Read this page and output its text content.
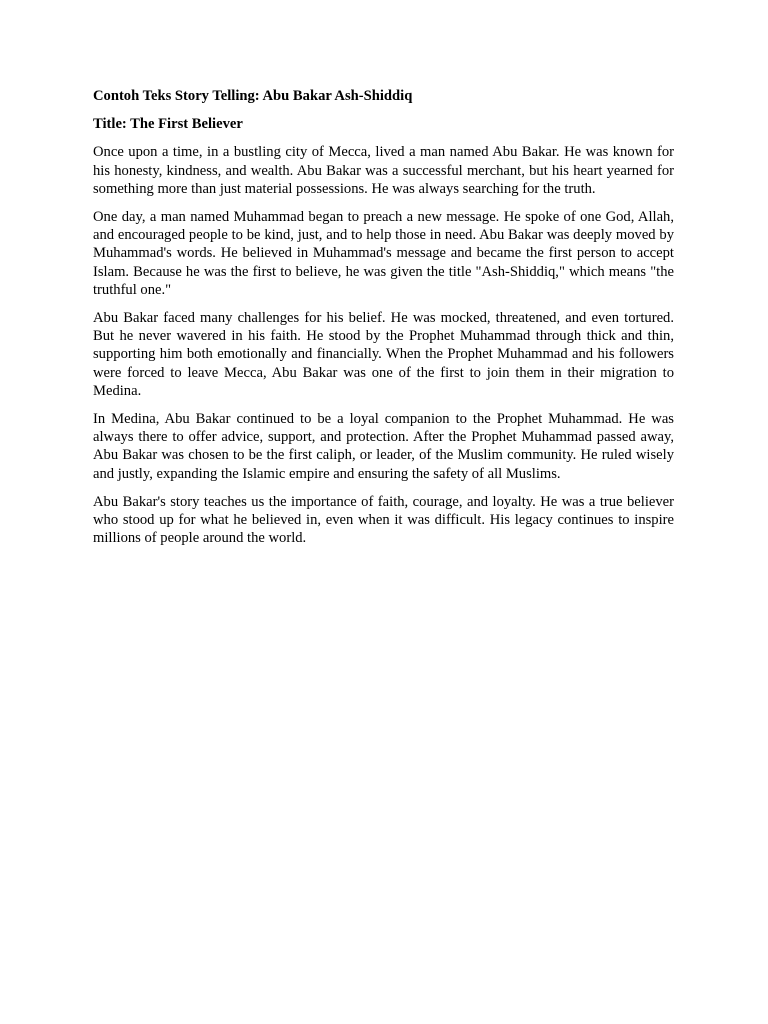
Contoh Teks Story Telling: Abu Bakar Ash-Shiddiq

Title: The First Believer

Once upon a time, in a bustling city of Mecca, lived a man named Abu Bakar. He was known for his honesty, kindness, and wealth. Abu Bakar was a successful merchant, but his heart yearned for something more than just material possessions. He was always searching for the truth.

One day, a man named Muhammad began to preach a new message. He spoke of one God, Allah, and encouraged people to be kind, just, and to help those in need. Abu Bakar was deeply moved by Muhammad's words. He believed in Muhammad's message and became the first person to accept Islam. Because he was the first to believe, he was given the title "Ash-Shiddiq," which means "the truthful one."

Abu Bakar faced many challenges for his belief. He was mocked, threatened, and even tortured. But he never wavered in his faith. He stood by the Prophet Muhammad through thick and thin, supporting him both emotionally and financially. When the Prophet Muhammad and his followers were forced to leave Mecca, Abu Bakar was one of the first to join them in their migration to Medina.

In Medina, Abu Bakar continued to be a loyal companion to the Prophet Muhammad. He was always there to offer advice, support, and protection. After the Prophet Muhammad passed away, Abu Bakar was chosen to be the first caliph, or leader, of the Muslim community. He ruled wisely and justly, expanding the Islamic empire and ensuring the safety of all Muslims.

Abu Bakar's story teaches us the importance of faith, courage, and loyalty. He was a true believer who stood up for what he believed in, even when it was difficult. His legacy continues to inspire millions of people around the world.
